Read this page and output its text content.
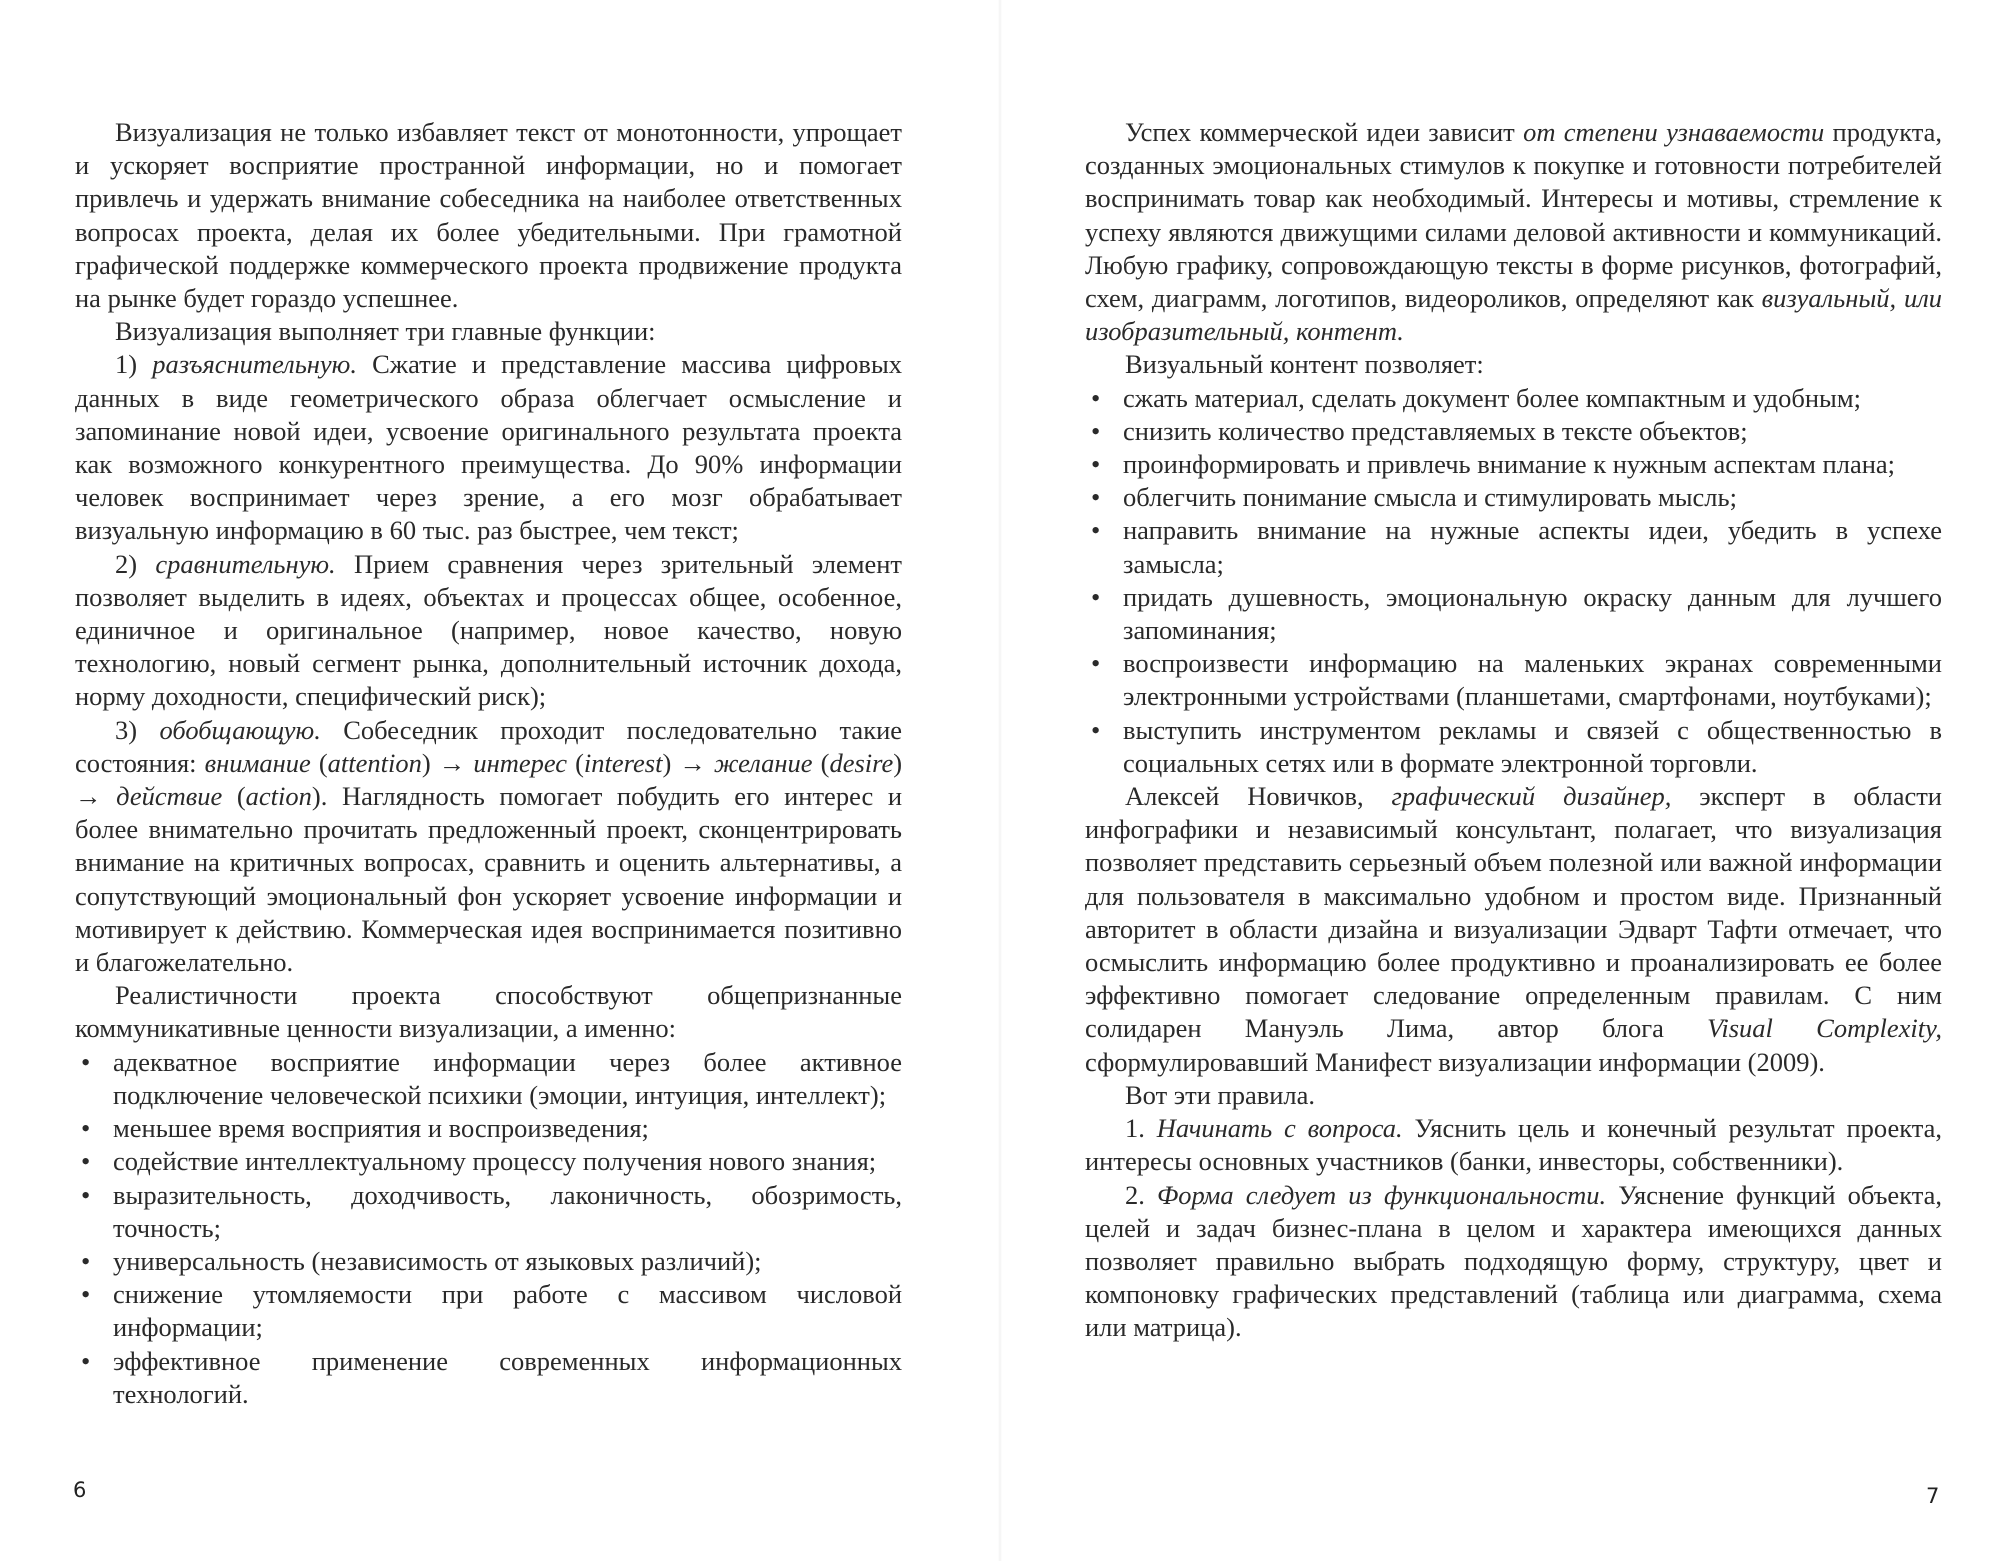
Визуализация не только избавляет текст от монотонности, упрощает и ускоряет восприятие пространной информации, но и помогает привлечь и удержать внимание собеседника на наиболее ответственных вопросах проекта, делая их более убедительными. При грамотной графической поддержке коммерческого проекта продвижение продукта на рынке будет гораздо успешнее.

Визуализация выполняет три главные функции:

1) разъяснительную. Сжатие и представление массива цифровых данных в виде геометрического образа облегчает осмысление и запоминание новой идеи, усвоение оригинального результата проекта как возможного конкурентного преимущества. До 90% информации человек воспринимает через зрение, а его мозг обрабатывает визуальную информацию в 60 тыс. раз быстрее, чем текст;

2) сравнительную. Прием сравнения через зрительный элемент позволяет выделить в идеях, объектах и процессах общее, особенное, единичное и оригинальное (например, новое качество, новую технологию, новый сегмент рынка, дополнительный источник дохода, норму доходности, специфический риск);

3) обобщающую. Собеседник проходит последовательно такие состояния: внимание (attention) → интерес (interest) → желание (desire) → действие (action). Наглядность помогает побудить его интерес и более внимательно прочитать предложенный проект, сконцентрировать внимание на критичных вопросах, сравнить и оценить альтернативы, а сопутствующий эмоциональный фон ускоряет усвоение информации и мотивирует к действию. Коммерческая идея воспринимается позитивно и благожелательно.

Реалистичности проекта способствуют общепризнанные коммуникативные ценности визуализации, а именно:

• адекватное восприятие информации через более активное подключение человеческой психики (эмоции, интуиция, интеллект);
• меньшее время восприятия и воспроизведения;
• содействие интеллектуальному процессу получения нового знания;
• выразительность, доходчивость, лаконичность, обозримость, точность;
• универсальность (независимость от языковых различий);
• снижение утомляемости при работе с массивом числовой информации;
• эффективное применение современных информационных технологий.
6

Успех коммерческой идеи зависит от степени узнаваемости продукта, созданных эмоциональных стимулов к покупке и готовности потребителей воспринимать товар как необходимый. Интересы и мотивы, стремление к успеху являются движущими силами деловой активности и коммуникаций. Любую графику, сопровождающую тексты в форме рисунков, фотографий, схем, диаграмм, логотипов, видеороликов, определяют как визуальный, или изобразительный, контент.

Визуальный контент позволяет:

• сжать материал, сделать документ более компактным и удобным;
• снизить количество представляемых в тексте объектов;
• проинформировать и привлечь внимание к нужным аспектам плана;
• облегчить понимание смысла и стимулировать мысль;
• направить внимание на нужные аспекты идеи, убедить в успехе замысла;
• придать душевность, эмоциональную окраску данным для лучшего запоминания;
• воспроизвести информацию на маленьких экранах современными электронными устройствами (планшетами, смартфонами, ноутбуками);
• выступить инструментом рекламы и связей с общественностью в социальных сетях или в формате электронной торговли.

Алексей Новичков, графический дизайнер, эксперт в области инфографики и независимый консультант, полагает, что визуализация позволяет представить серьезный объем полезной или важной информации для пользователя в максимально удобном и простом виде. Признанный авторитет в области дизайна и визуализации Эдварт Тафти отмечает, что осмыслить информацию более продуктивно и проанализировать ее более эффективно помогает следование определенным правилам. С ним солидарен Мануэль Лима, автор блога Visual Complexity, сформулировавший Манифест визуализации информации (2009).

Вот эти правила.

1. Начинать с вопроса. Уяснить цель и конечный результат проекта, интересы основных участников (банки, инвесторы, собственники).

2. Форма следует из функциональности. Уяснение функций объекта, целей и задач бизнес-плана в целом и характера имеющихся данных позволяет правильно выбрать подходящую форму, структуру, цвет и компоновку графических представлений (таблица или диаграмма, схема или матрица).

7
